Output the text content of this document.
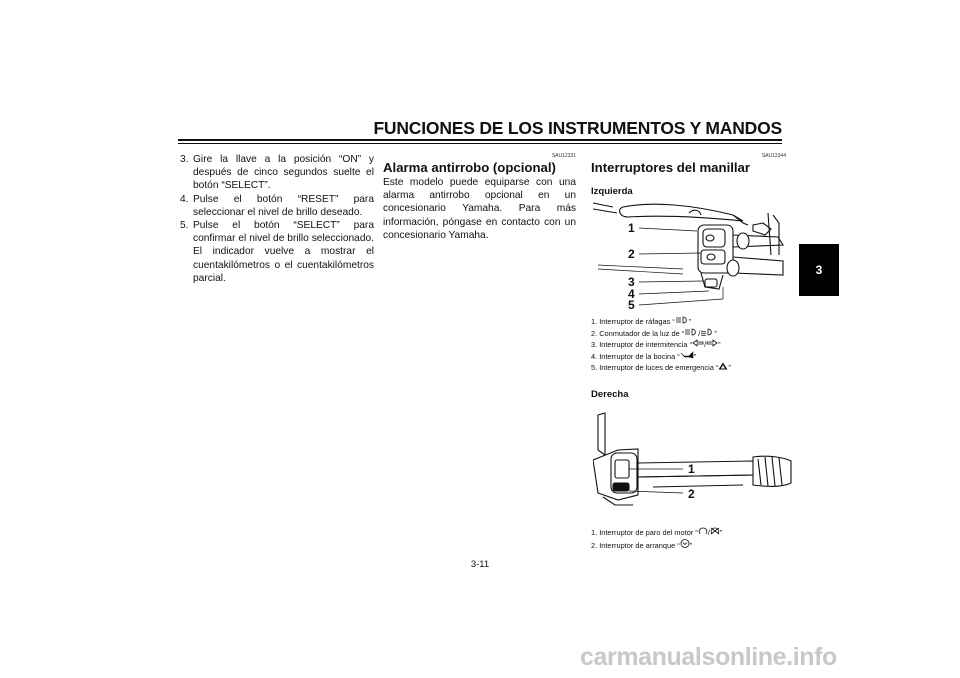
FUNCIONES DE LOS INSTRUMENTOS Y MANDOS
3
3. Gire la llave a la posición “ON” y después de cinco segundos suelte el botón “SELECT”.
4. Pulse el botón “RESET” para seleccionar el nivel de brillo deseado.
5. Pulse el botón “SELECT” para confirmar el nivel de brillo seleccionado. El indicador vuelve a mostrar el cuentakilómetros o el cuentakilómetros parcial.
SAU12331
Alarma antirrobo (opcional)
Este modelo puede equiparse con una alarma antirrobo opcional en un concesionario Yamaha. Para más información, póngase en contacto con un concesionario Yamaha.
SAU12344
Interruptores del manillar
Izquierda
Derecha
1
2
3
4
5
1. Interruptor de ráfagas “ ”
2. Conmutador de la luz de “ / ”
3. Interruptor de intermitencia “ / ”
4. Interruptor de la bocina “ ”
5. Interruptor de luces de emergencia “ ”
1
2
1. Interruptor de paro del motor “ / ”
2. Interruptor de arranque “ ”
3-11
carmanualsonline.info
